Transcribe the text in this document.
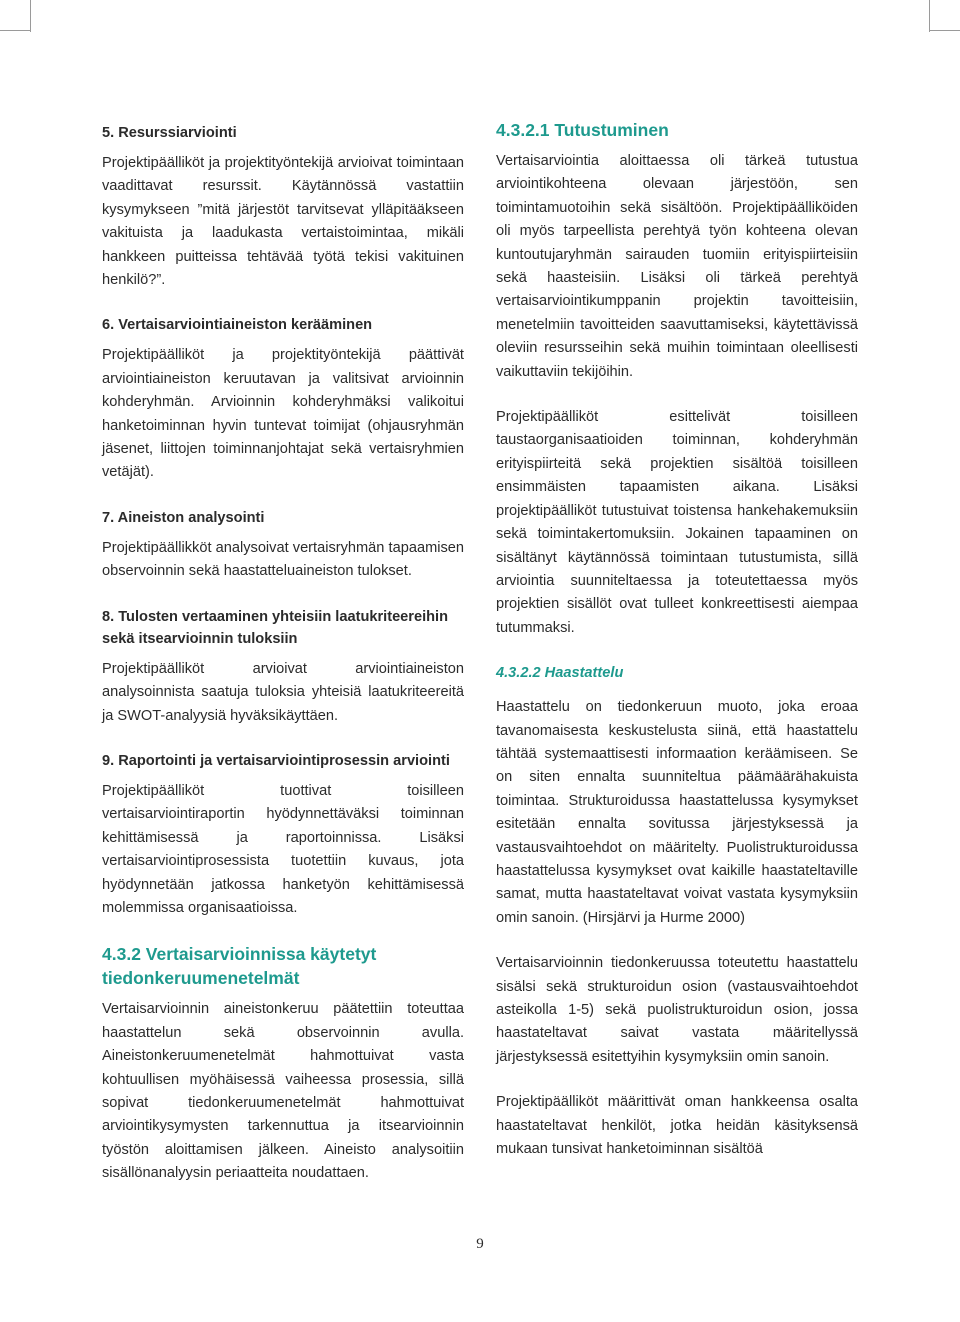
5. Resurssiarviointi

Projektipäälliköt ja projektityöntekijä arvioivat toimintaan vaadittavat resurssit. Käytännössä vastattiin kysymykseen ”mitä järjestöt tarvitsevat ylläpitääkseen vakituista ja laadukasta vertaistoimintaa, mikäli hankkeen puitteissa tehtävää työtä tekisi vakituinen henkilö?”.

6. Vertaisarviointiaineiston kerääminen

Projektipäälliköt ja projektityöntekijä päättivät arviointiaineiston keruutavan ja valitsivat arvioinnin kohderyhmän. Arvioinnin kohderyhmäksi valikoitui hanketoiminnan hyvin tuntevat toimijat (ohjausryhmän jäsenet, liittojen toiminnanjohtajat sekä vertaisryhmien vetäjät).

7. Aineiston analysointi

Projektipäällikköt analysoivat vertaisryhmän tapaamisen observoinnin sekä haastatteluaineiston tulokset.

8. Tulosten vertaaminen yhteisiin laatukriteereihin sekä itsearvioinnin tuloksiin

Projektipäälliköt arvioivat arviointiaineiston analysoinnista saatuja tuloksia yhteisiä laatukriteereitä ja SWOT-analyysiä hyväksikäyttäen.

9. Raportointi ja vertaisarviointiprosessin arviointi

Projektipäälliköt tuottivat toisilleen vertaisarviointiraportin hyödynnettäväksi toiminnan kehittämisessä ja raportoinnissa. Lisäksi vertaisarviointiprosessista tuotettiin kuvaus, jota hyödynnetään jatkossa hanketyön kehittämisessä molemmissa organisaatioissa.

4.3.2 Vertaisarvioinnissa käytetyt tiedonkeruumenetelmät

Vertaisarvioinnin aineistonkeruu päätettiin toteuttaa haastattelun sekä observoinnin avulla. Aineistonkeruumenetelmät hahmottuivat vasta kohtuullisen myöhäisessä vaiheessa prosessia, sillä sopivat tiedonkeruumenetelmät hahmottuivat arviointikysymysten tarkennuttua ja itsearvioinnin työstön aloittamisen jälkeen. Aineisto analysoitiin sisällönanalyysin periaatteita noudattaen.

4.3.2.1 Tutustuminen

Vertaisarviointia aloittaessa oli tärkeä tutustua arviointikohteena olevaan järjestöön, sen toimintamuotoihin sekä sisältöön. Projektipäälliköiden oli myös tarpeellista perehtyä työn kohteena olevan kuntoutujaryhmän sairauden tuomiin erityispiirteisiin sekä haasteisiin. Lisäksi oli tärkeä perehtyä vertaisarviointikumppanin projektin tavoitteisiin, menetelmiin tavoitteiden saavuttamiseksi, käytettävissä oleviin resursseihin sekä muihin toimintaan oleellisesti vaikuttaviin tekijöihin.

Projektipäälliköt esittelivät toisilleen taustaorganisaatioiden toiminnan, kohderyhmän erityispiirteitä sekä projektien sisältöä toisilleen ensimmäisten tapaamisten aikana. Lisäksi projektipäälliköt tutustuivat toistensa hankehakemuksiin sekä toimintakertomuksiin. Jokainen tapaaminen on sisältänyt käytännössä toimintaan tutustumista, sillä arviointia suunniteltaessa ja toteutettaessa myös projektien sisällöt ovat tulleet konkreettisesti aiempaa tutummaksi.

4.3.2.2 Haastattelu

Haastattelu on tiedonkeruun muoto, joka eroaa tavanomaisesta keskustelusta siinä, että haastattelu tähtää systemaattisesti informaation keräämiseen. Se on siten ennalta suunniteltua päämäärähakuista toimintaa. Strukturoidussa haastattelussa kysymykset esitetään ennalta sovitussa järjestyksessä ja vastausvaihtoehdot on määritelty. Puolistrukturoidussa haastattelussa kysymykset ovat kaikille haastateltaville samat, mutta haastateltavat voivat vastata kysymyksiin omin sanoin. (Hirsjärvi ja Hurme 2000)

Vertaisarvioinnin tiedonkeruussa toteutettu haastattelu sisälsi sekä strukturoidun osion (vastausvaihtoehdot asteikolla 1-5) sekä puolistrukturoidun osion, jossa haastateltavat saivat vastata määritellyssä järjestyksessä esitettyihin kysymyksiin omin sanoin.

Projektipäälliköt määrittivät oman hankkeensa osalta haastateltavat henkilöt, jotka heidän käsityksensä mukaan tunsivat hanketoiminnan sisältöä

9
